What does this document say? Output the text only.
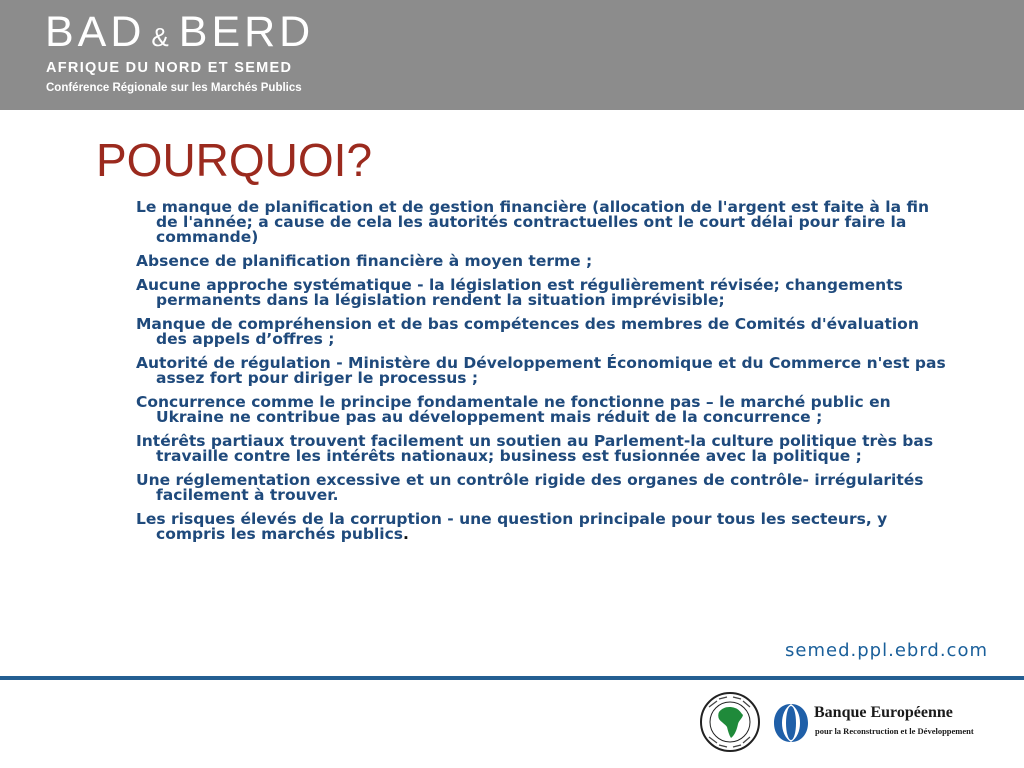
BAD & BERD
AFRIQUE DU NORD ET SEMED
Conférence Régionale sur les Marchés Publics
POURQUOI?
Le manque de planification et de gestion financière (allocation de l'argent est faite à la fin de l'année; a cause de cela les autorités contractuelles ont le court délai pour faire la commande)
Absence de planification financière à moyen terme ;
Aucune approche systématique - la législation est régulièrement révisée; changements permanents dans la législation rendent la situation imprévisible;
Manque de compréhension et de bas compétences des membres de Comités d'évaluation des appels d’offres ;
Autorité de régulation - Ministère du Développement Économique et du Commerce n'est pas assez fort pour diriger le processus ;
Concurrence comme le principe fondamentale ne fonctionne pas – le marché public en Ukraine ne contribue pas au développement mais réduit de la concurrence ;
Intérêts partiaux trouvent facilement un soutien au Parlement-la culture politique très bas travaille contre les intérêts nationaux; business est fusionnée avec la politique ;
Une réglementation excessive et un contrôle rigide des organes de contrôle- irrégularités facilement à trouver.
Les risques élevés de la corruption - une question principale pour tous les secteurs, y compris les marchés publics.
semed.ppl.ebrd.com
Banque Européenne
pour la Reconstruction et le Développement
